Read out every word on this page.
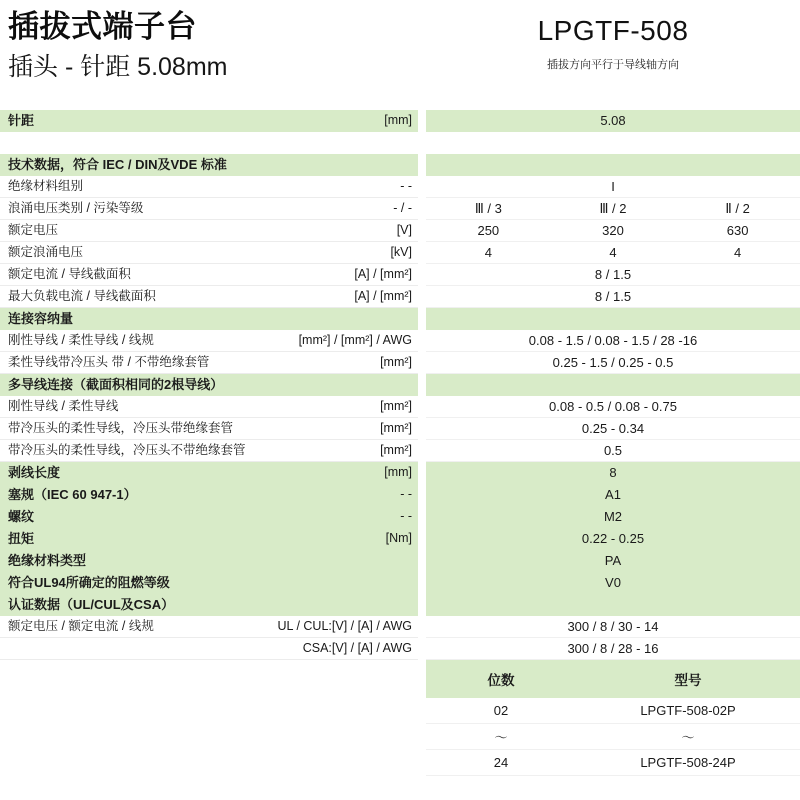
插拔式端子台
插头 - 针距 5.08mm
LPGTF-508
插拔方向平行于导线轴方向
针距	[mm]	5.08
技术数据，符合 IEC / DIN及VDE 标准
绝缘材料组别	- -	I
浪涌电压类别 / 污染等级	- / -	Ⅲ / 3	Ⅲ / 2	Ⅱ / 2
额定电压	[V]	250	320	630
额定浪涌电压	[kV]	4	4	4
额定电流 / 导线截面积	[A] / [mm²]	8 / 1.5
最大负载电流 / 导线截面积	[A] / [mm²]	8 / 1.5
连接容纳量
刚性导线 / 柔性导线 / 线规	[mm²] / [mm²] / AWG	0.08 - 1.5 / 0.08 - 1.5 / 28 -16
柔性导线带冷压头 带 / 不带绝缘套管	[mm²]	0.25 - 1.5 / 0.25 - 0.5
多导线连接（截面积相同的2根导线）
刚性导线 / 柔性导线	[mm²]	0.08 - 0.5 / 0.08 - 0.75
带冷压头的柔性导线，冷压头带绝缘套管	[mm²]	0.25 - 0.34
带冷压头的柔性导线，冷压头不带绝缘套管	[mm²]	0.5
剥线长度	[mm]	8
塞规（IEC 60 947-1）	- -	A1
螺纹	- -	M2
扭矩	[Nm]	0.22 - 0.25
绝缘材料类型	PA
符合UL94所确定的阻燃等级	V0
认证数据（UL/CUL及CSA）
额定电压 / 额定电流 / 线规	UL / CUL:[V] / [A] / AWG	300 / 8 / 30 - 14
CSA:[V] / [A] / AWG	300 / 8 / 28 - 16
位数	型号
02	LPGTF-508-02P
〜	〜
24	LPGTF-508-24P
